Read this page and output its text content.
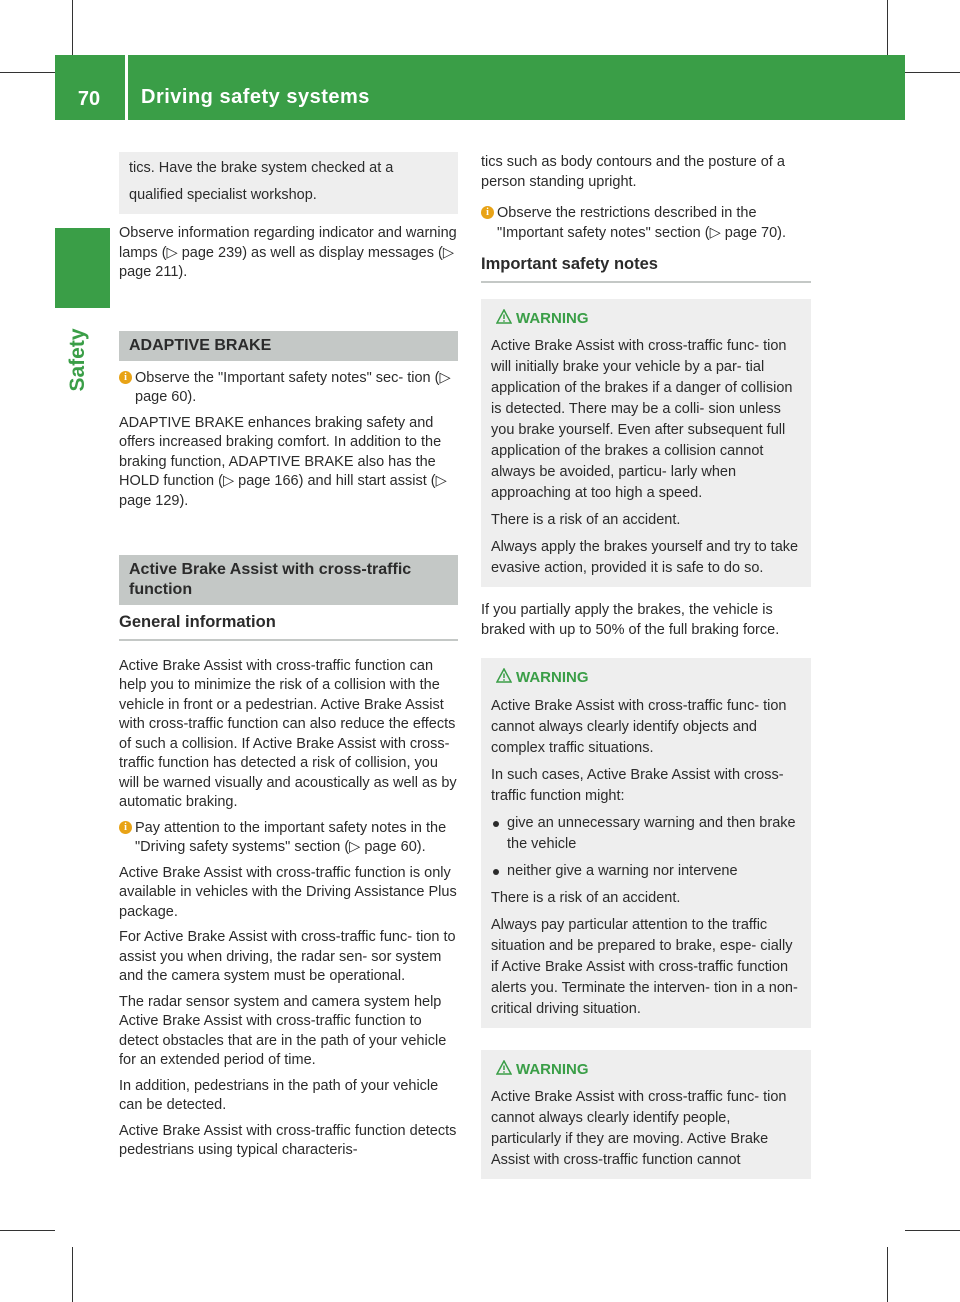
70	Driving safety systems
Safety

tics. Have the brake system checked at a

qualified specialist workshop.

Observe information regarding indicator and warning lamps (▷ page 239) as well as display messages (▷ page 211).

ADAPTIVE BRAKE
i Observe the "Important safety notes" sec- tion (▷ page 60).

ADAPTIVE BRAKE enhances braking safety and offers increased braking comfort. In addition to the braking function, ADAPTIVE BRAKE also has the HOLD function (▷ page 166) and hill start assist (▷ page 129).

Active Brake Assist with cross-traffic function
General information

Active Brake Assist with cross-traffic function can help you to minimize the risk of a collision with the vehicle in front or a pedestrian. Active Brake Assist with cross-traffic function can also reduce the effects of such a collision. If Active Brake Assist with cross-traffic function has detected a risk of collision, you will be warned visually and acoustically as well as by automatic braking.

i Pay attention to the important safety notes in the "Driving safety systems" section (▷ page 60).

Active Brake Assist with cross-traffic function is only available in vehicles with the Driving Assistance Plus package.

For Active Brake Assist with cross-traffic func- tion to assist you when driving, the radar sen- sor system and the camera system must be operational.

The radar sensor system and camera system help Active Brake Assist with cross-traffic function to detect obstacles that are in the path of your vehicle for an extended period of time.

In addition, pedestrians in the path of your vehicle can be detected.

Active Brake Assist with cross-traffic function detects pedestrians using typical characteris-

tics such as body contours and the posture of a person standing upright.

i Observe the restrictions described in the "Important safety notes" section (▷ page 70).
Important safety notes
WARNING

Active Brake Assist with cross-traffic func- tion will initially brake your vehicle by a par- tial application of the brakes if a danger of collision is detected. There may be a colli- sion unless you brake yourself. Even after subsequent full application of the brakes a collision cannot always be avoided, particu- larly when approaching at too high a speed.

There is a risk of an accident.

Always apply the brakes yourself and try to take evasive action, provided it is safe to do so.

If you partially apply the brakes, the vehicle is braked with up to 50% of the full braking force.

WARNING

Active Brake Assist with cross-traffic func- tion cannot always clearly identify objects and complex traffic situations.

In such cases, Active Brake Assist with cross-traffic function might:

give an unnecessary warning and then brake the vehicle
neither give a warning nor intervene

There is a risk of an accident.

Always pay particular attention to the traffic situation and be prepared to brake, espe- cially if Active Brake Assist with cross-traffic function alerts you. Terminate the interven- tion in a non-critical driving situation.

WARNING

Active Brake Assist with cross-traffic func- tion cannot always clearly identify people, particularly if they are moving. Active Brake Assist with cross-traffic function cannot
